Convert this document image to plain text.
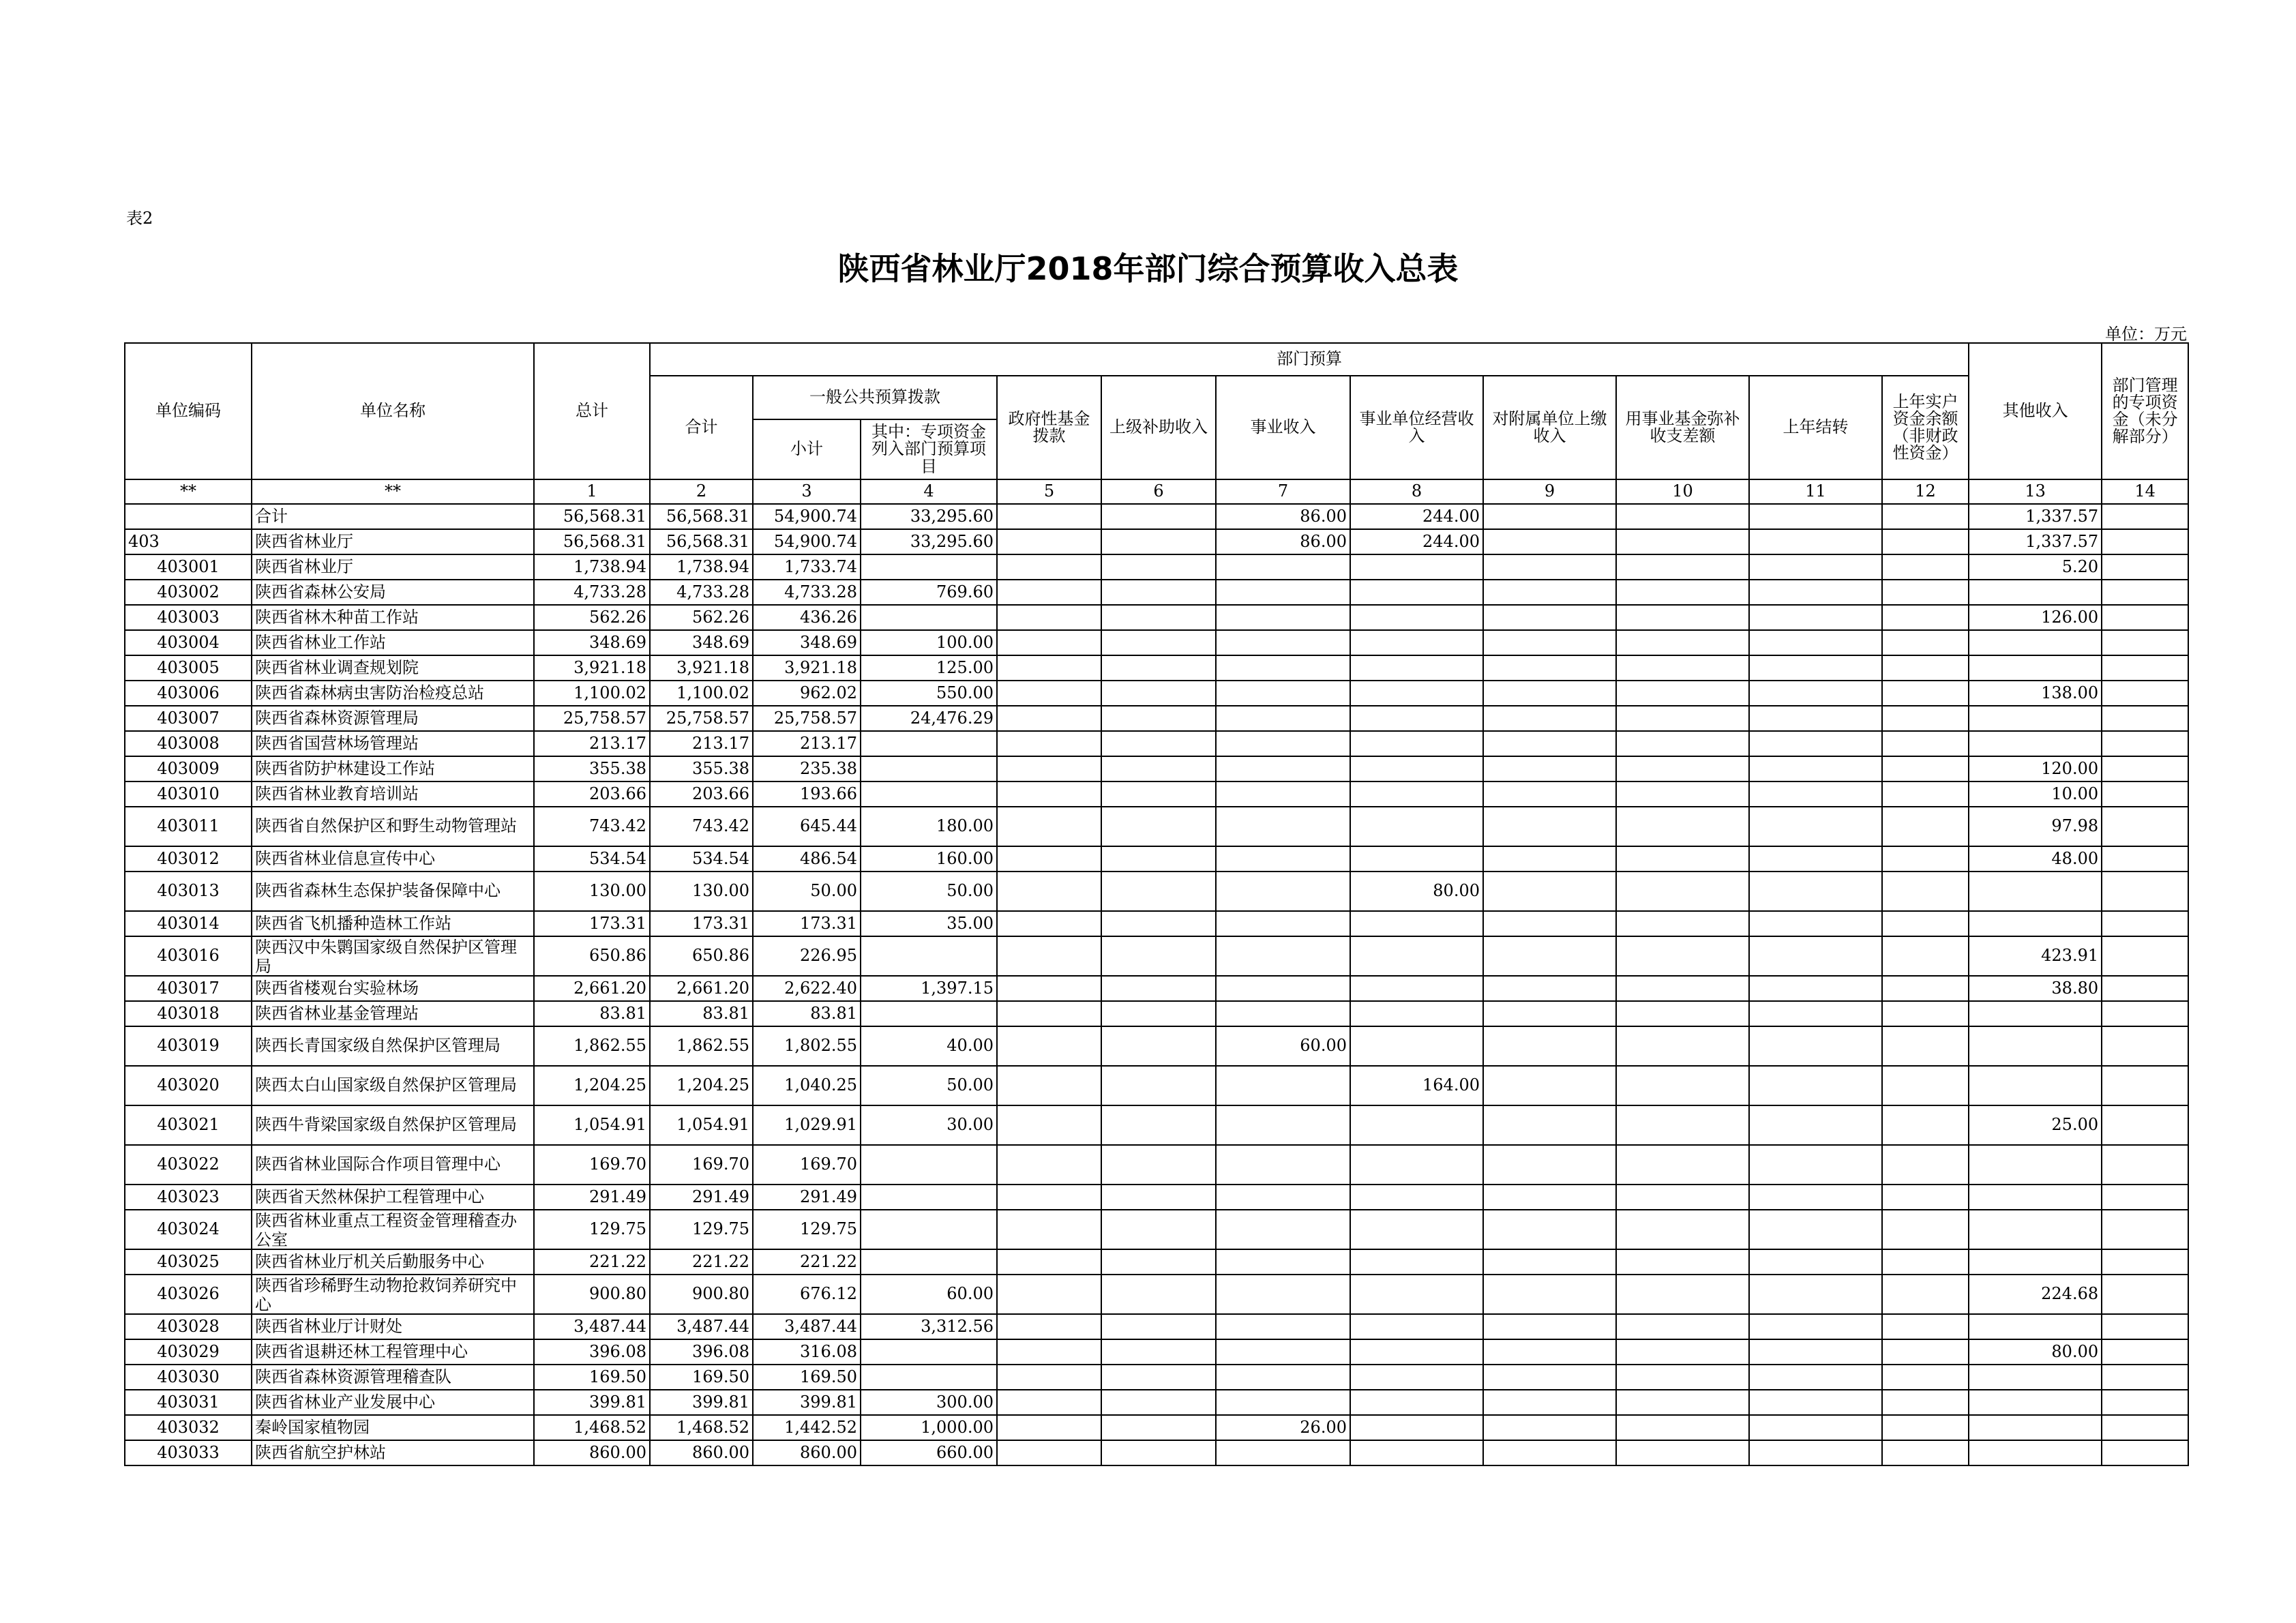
表2
陕西省林业厅2018年部门综合预算收入总表
单位：万元
单位编码	单位名称	总计	部门预算											其他收入	部门管理的专项资金（未分解部分）
			合计	一般公共预算拨款		政府性基金拨款	上级补助收入	事业收入	事业单位经营收入	对附属单位上缴收入	用事业基金弥补收支差额	上年结转	上年实户资金余额（非财政性资金）		
				小计	其中：专项资金列入部门预算项目										
**	**	1	2	3	4	5	6	7	8	9	10	11	12	13	14
	合计	56,568.31	56,568.31	54,900.74	33,295.60			86.00	244.00					1,337.57	
403	陕西省林业厅	56,568.31	56,568.31	54,900.74	33,295.60			86.00	244.00					1,337.57	
403001	陕西省林业厅	1,738.94	1,738.94	1,733.74										5.20	
403002	陕西省森林公安局	4,733.28	4,733.28	4,733.28	769.60										
403003	陕西省林木种苗工作站	562.26	562.26	436.26										126.00	
403004	陕西省林业工作站	348.69	348.69	348.69	100.00										
403005	陕西省林业调查规划院	3,921.18	3,921.18	3,921.18	125.00										
403006	陕西省森林病虫害防治检疫总站	1,100.02	1,100.02	962.02	550.00									138.00	
403007	陕西省森林资源管理局	25,758.57	25,758.57	25,758.57	24,476.29										
403008	陕西省国营林场管理站	213.17	213.17	213.17											
403009	陕西省防护林建设工作站	355.38	355.38	235.38										120.00	
403010	陕西省林业教育培训站	203.66	203.66	193.66										10.00	
403011	陕西省自然保护区和野生动物管理站	743.42	743.42	645.44	180.00									97.98	
403012	陕西省林业信息宣传中心	534.54	534.54	486.54	160.00									48.00	
403013	陕西省森林生态保护装备保障中心	130.00	130.00	50.00	50.00				80.00						
403014	陕西省飞机播种造林工作站	173.31	173.31	173.31	35.00										
403016	陕西汉中朱鹮国家级自然保护区管理局	650.86	650.86	226.95										423.91	
403017	陕西省楼观台实验林场	2,661.20	2,661.20	2,622.40	1,397.15									38.80	
403018	陕西省林业基金管理站	83.81	83.81	83.81											
403019	陕西长青国家级自然保护区管理局	1,862.55	1,862.55	1,802.55	40.00			60.00							
403020	陕西太白山国家级自然保护区管理局	1,204.25	1,204.25	1,040.25	50.00				164.00						
403021	陕西牛背梁国家级自然保护区管理局	1,054.91	1,054.91	1,029.91	30.00									25.00	
403022	陕西省林业国际合作项目管理中心	169.70	169.70	169.70											
403023	陕西省天然林保护工程管理中心	291.49	291.49	291.49											
403024	陕西省林业重点工程资金管理稽查办公室	129.75	129.75	129.75											
403025	陕西省林业厅机关后勤服务中心	221.22	221.22	221.22											
403026	陕西省珍稀野生动物抢救饲养研究中心	900.80	900.80	676.12	60.00									224.68	
403028	陕西省林业厅计财处	3,487.44	3,487.44	3,487.44	3,312.56										
403029	陕西省退耕还林工程管理中心	396.08	396.08	316.08										80.00	
403030	陕西省森林资源管理稽查队	169.50	169.50	169.50											
403031	陕西省林业产业发展中心	399.81	399.81	399.81	300.00										
403032	秦岭国家植物园	1,468.52	1,468.52	1,442.52	1,000.00			26.00							
403033	陕西省航空护林站	860.00	860.00	860.00	660.00										
